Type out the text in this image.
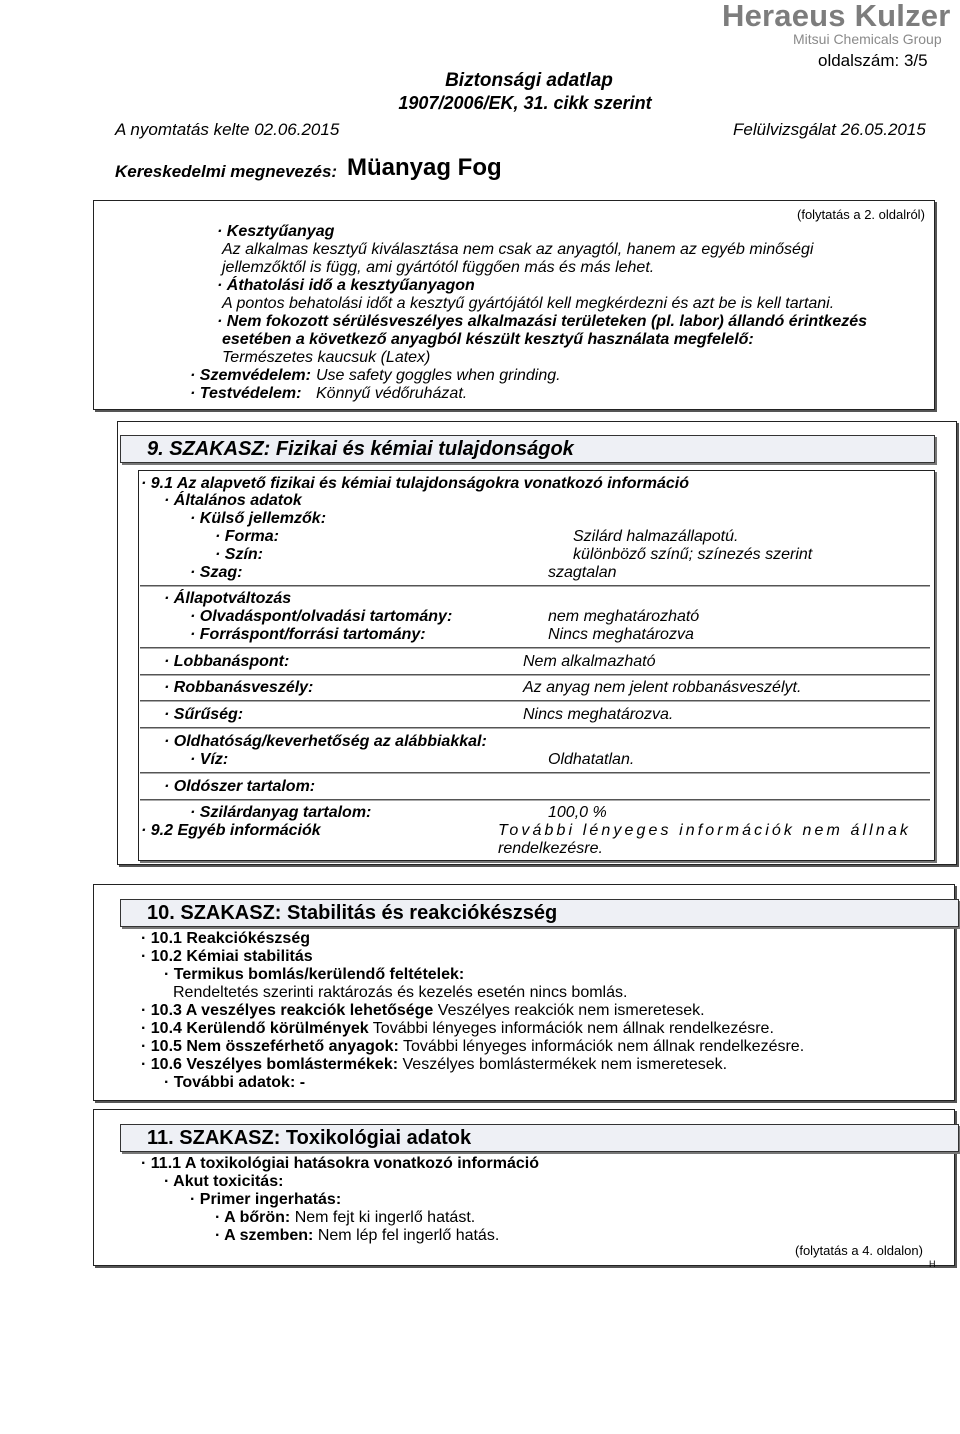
Heraeus Kulzer
Mitsui Chemicals Group
oldalszám: 3/5
Biztonsági adatlap
1907/2006/EK, 31. cikk szerint
A nyomtatás kelte 02.06.2015	Felülvizsgálat 26.05.2015
Kereskedelmi megnevezés: Müanyag Fog
(folytatás a 2. oldalról)
· Kesztyűanyag
Az alkalmas kesztyű kiválasztása nem csak az anyagtól, hanem az egyéb minőségi
jellemzőktől is függ, ami gyártótól függően más és más lehet.
· Áthatolási idő a kesztyűanyagon
A pontos behatolási időt a kesztyű gyártójától kell megkérdezni és azt be is kell tartani.
· Nem fokozott sérülésveszélyes alkalmazási területeken (pl. labor) állandó érintkezés
esetében a következő anyagból készült kesztyű használata megfelelő:
Természetes kaucsuk (Latex)
· Szemvédelem: Use safety goggles when grinding.
· Testvédelem: Könnyű védőruházat.
9. SZAKASZ: Fizikai és kémiai tulajdonságok
· 9.1 Az alapvető fizikai és kémiai tulajdonságokra vonatkozó információ
· Általános adatok
· Külső jellemzők:
· Forma:	Szilárd halmazállapotú.
· Szín:	különböző színű; színezés szerint
· Szag:	szagtalan
· Állapotváltozás
· Olvadáspont/olvadási tartomány:	nem meghatározható
· Forráspont/forrási tartomány:	Nincs meghatározva
· Lobbanáspont:	Nem alkalmazható
· Robbanásveszély:	Az anyag nem jelent robbanásveszélyt.
· Sűrűség:	Nincs meghatározva.
· Oldhatóság/keverhetőség az alábbiakkal:
· Víz:	Oldhatatlan.
· Oldószer tartalom:
· Szilárdanyag tartalom:	100,0 %
· 9.2 Egyéb információk	További lényeges információk nem állnak
rendelkezésre.
10. SZAKASZ: Stabilitás és reakciókészség
· 10.1 Reakciókészség
· 10.2 Kémiai stabilitás
· Termikus bomlás/kerülendő feltételek:
Rendeltetés szerinti raktározás és kezelés esetén nincs bomlás.
· 10.3 A veszélyes reakciók lehetősége Veszélyes reakciók nem ismeretesek.
· 10.4 Kerülendő körülmények További lényeges információk nem állnak rendelkezésre.
· 10.5 Nem összeférhető anyagok: További lényeges információk nem állnak rendelkezésre.
· 10.6 Veszélyes bomlástermékek: Veszélyes bomlástermékek nem ismeretesek.
· További adatok: -
11. SZAKASZ: Toxikológiai adatok
· 11.1 A toxikológiai hatásokra vonatkozó információ
· Akut toxicitás:
· Primer ingerhatás:
· A bőrön: Nem fejt ki ingerlő hatást.
· A szemben: Nem lép fel ingerlő hatás.
(folytatás a 4. oldalon)
H
